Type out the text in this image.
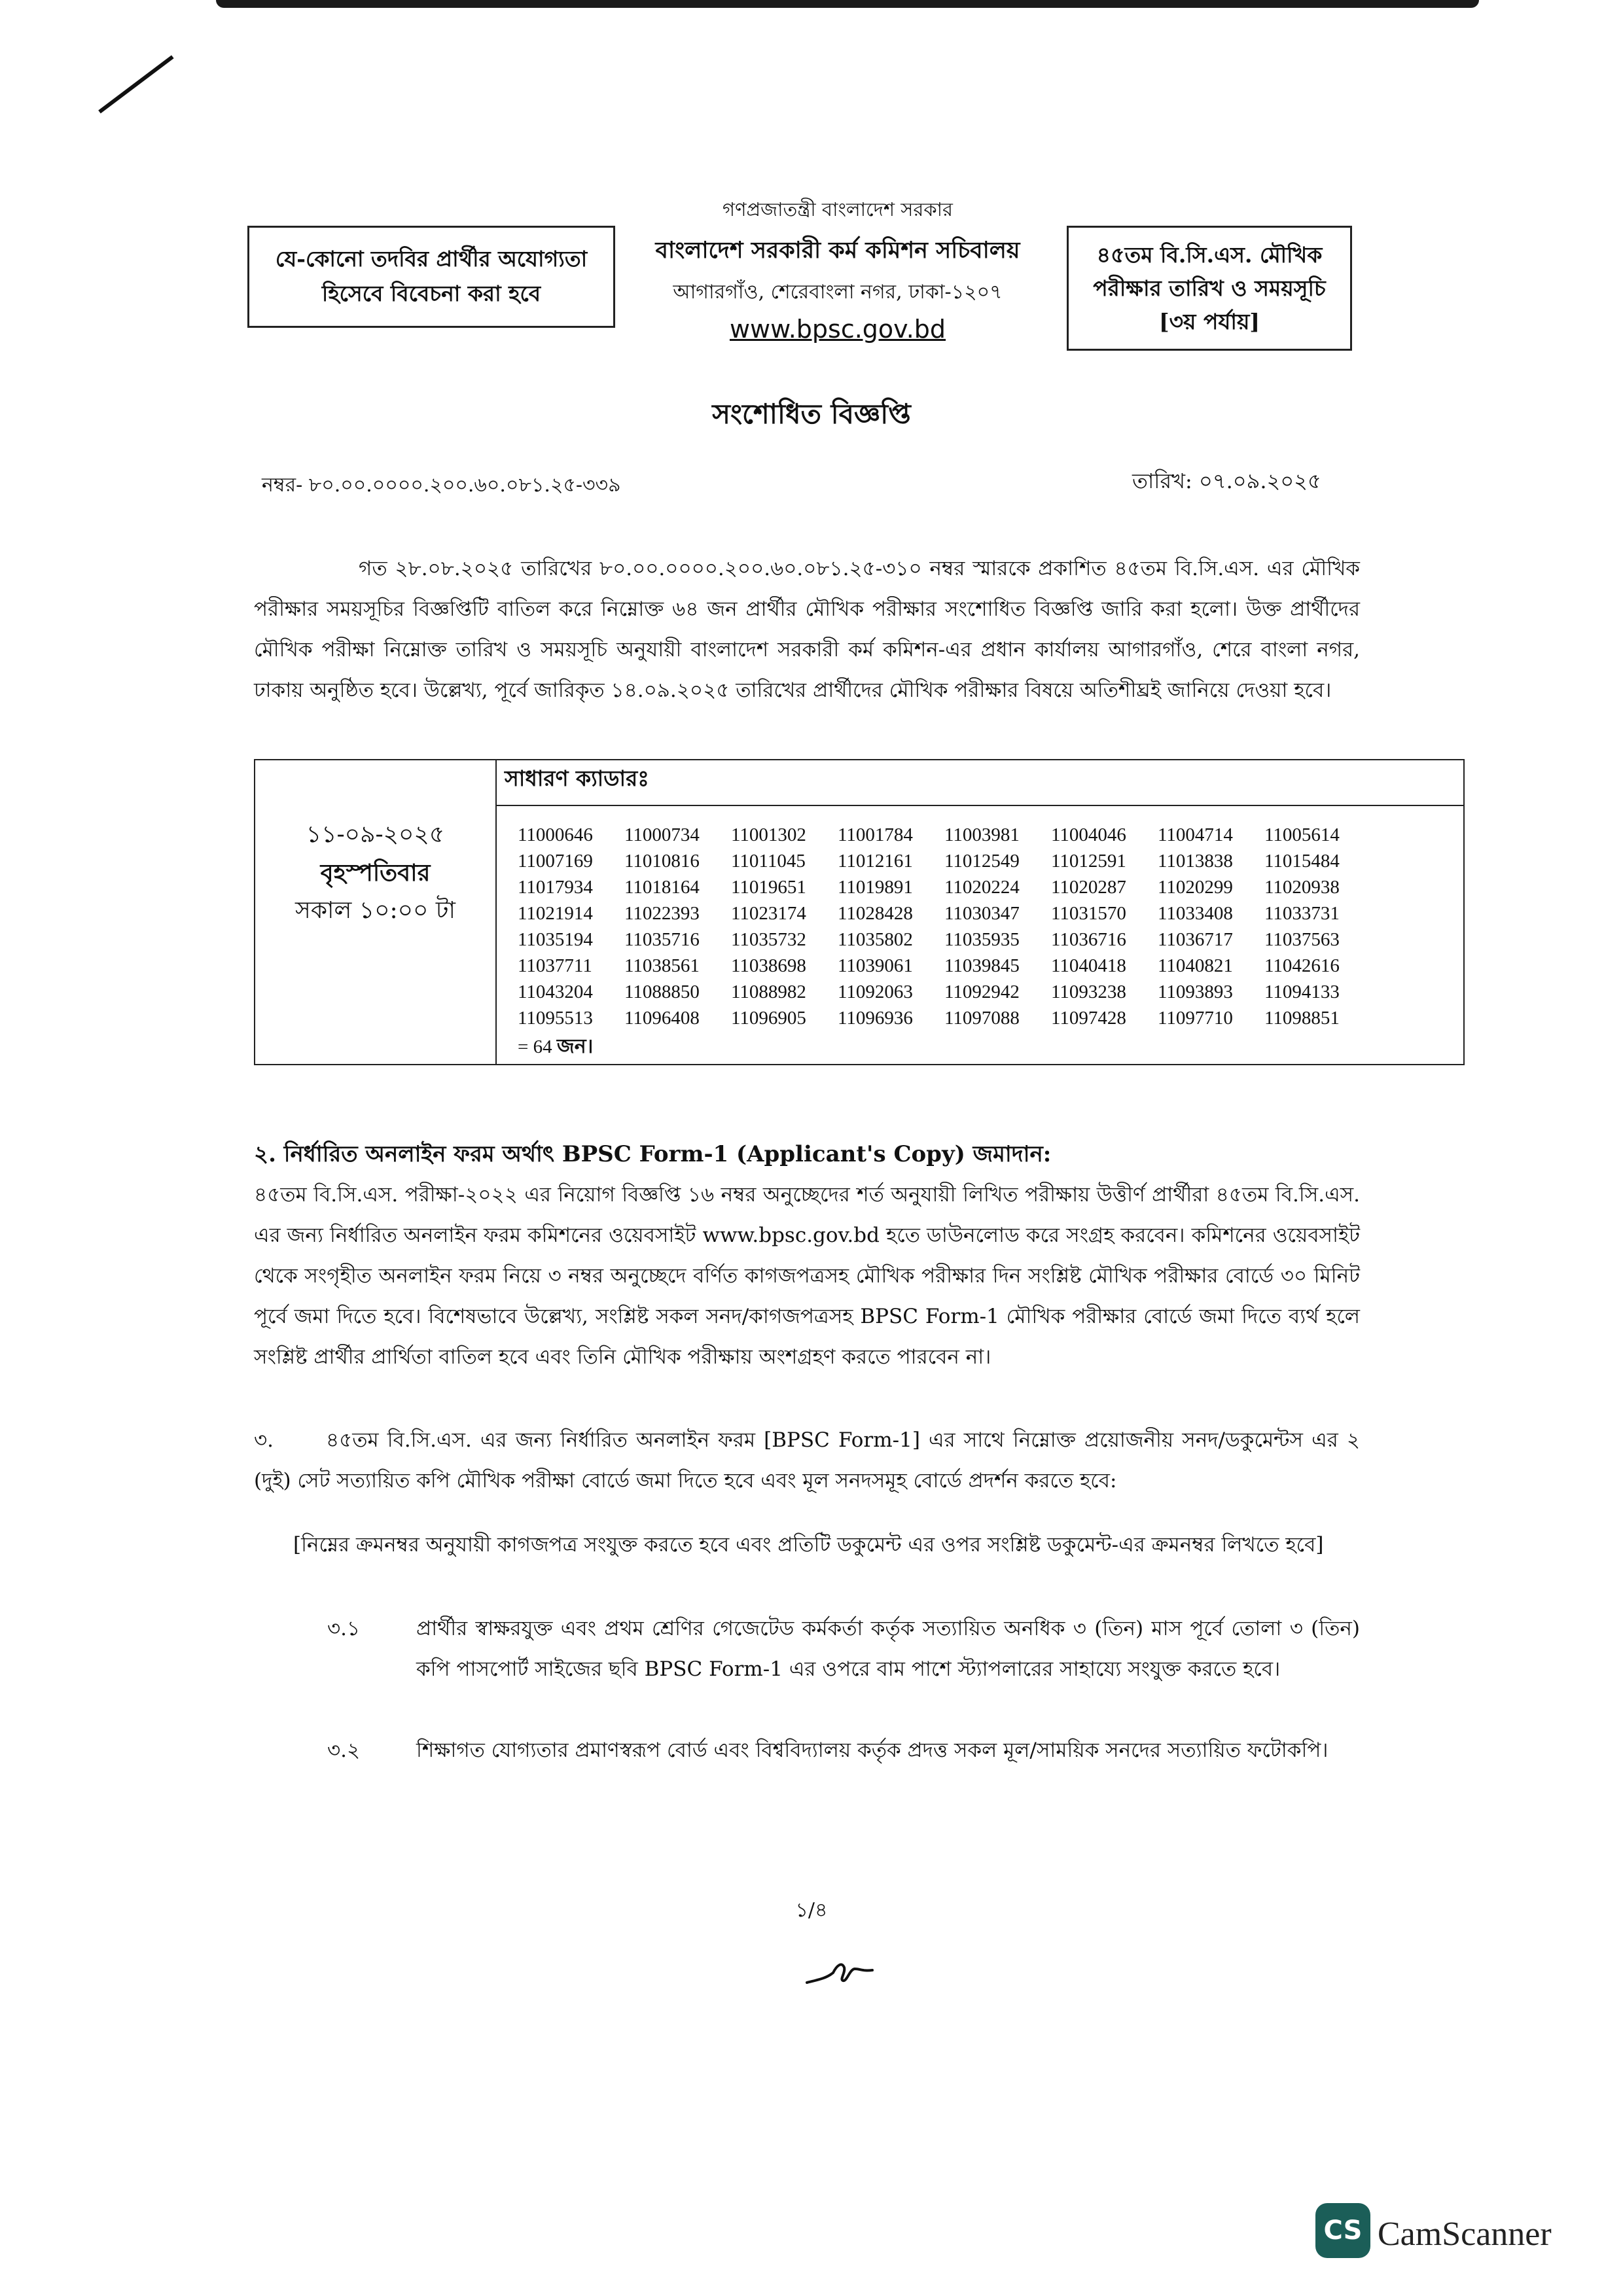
যে-কোনো তদবির প্রার্থীর অযোগ্যতা
হিসেবে বিবেচনা করা হবে
গণপ্রজাতন্ত্রী বাংলাদেশ সরকার
বাংলাদেশ সরকারী কর্ম কমিশন সচিবালয়
আগারগাঁও, শেরেবাংলা নগর, ঢাকা-১২০৭
www.bpsc.gov.bd
৪৫তম বি.সি.এস. মৌখিক
পরীক্ষার তারিখ ও সময়সূচি
[৩য় পর্যায়]
সংশোধিত বিজ্ঞপ্তি
নম্বর- ৮০.০০.০০০০.২০০.৬০.০৮১.২৫-৩৩৯	তারিখ: ০৭.০৯.২০২৫
গত ২৮.০৮.২০২৫ তারিখের ৮০.০০.০০০০.২০০.৬০.০৮১.২৫-৩১০ নম্বর স্মারকে প্রকাশিত ৪৫তম বি.সি.এস. এর মৌখিক পরীক্ষার সময়সূচির বিজ্ঞপ্তিটি বাতিল করে নিম্নোক্ত ৬৪ জন প্রার্থীর মৌখিক পরীক্ষার সংশোধিত বিজ্ঞপ্তি জারি করা হলো। উক্ত প্রার্থীদের মৌখিক পরীক্ষা নিম্নোক্ত তারিখ ও সময়সূচি অনুযায়ী বাংলাদেশ সরকারী কর্ম কমিশন-এর প্রধান কার্যালয় আগারগাঁও, শেরে বাংলা নগর, ঢাকায় অনুষ্ঠিত হবে। উল্লেখ্য, পূর্বে জারিকৃত ১৪.০৯.২০২৫ তারিখের প্রার্থীদের মৌখিক পরীক্ষার বিষয়ে অতিশীঘ্রই জানিয়ে দেওয়া হবে।
১১-০৯-২০২৫
বৃহস্পতিবার
সকাল ১০:০০ টা

সাধারণ ক্যাডারঃ
11000646 11000734 11001302 11001784 11003981 11004046 11004714 11005614
11007169 11010816 11011045 11012161 11012549 11012591 11013838 11015484
11017934 11018164 11019651 11019891 11020224 11020287 11020299 11020938
11021914 11022393 11023174 11028428 11030347 11031570 11033408 11033731
11035194 11035716 11035732 11035802 11035935 11036716 11036717 11037563
11037711 11038561 11038698 11039061 11039845 11040418 11040821 11042616
11043204 11088850 11088982 11092063 11092942 11093238 11093893 11094133
11095513 11096408 11096905 11096936 11097088 11097428 11097710 11098851
= 64 জন।
২. নির্ধারিত অনলাইন ফরম অর্থাৎ BPSC Form-1 (Applicant's Copy) জমাদান:
৪৫তম বি.সি.এস. পরীক্ষা-২০২২ এর নিয়োগ বিজ্ঞপ্তি ১৬ নম্বর অনুচ্ছেদের শর্ত অনুযায়ী লিখিত পরীক্ষায় উত্তীর্ণ প্রার্থীরা ৪৫তম বি.সি.এস. এর জন্য নির্ধারিত অনলাইন ফরম কমিশনের ওয়েবসাইট www.bpsc.gov.bd হতে ডাউনলোড করে সংগ্রহ করবেন। কমিশনের ওয়েবসাইট থেকে সংগৃহীত অনলাইন ফরম নিয়ে ৩ নম্বর অনুচ্ছেদে বর্ণিত কাগজপত্রসহ মৌখিক পরীক্ষার দিন সংশ্লিষ্ট মৌখিক পরীক্ষার বোর্ডে ৩০ মিনিট পূর্বে জমা দিতে হবে। বিশেষভাবে উল্লেখ্য, সংশ্লিষ্ট সকল সনদ/কাগজপত্রসহ BPSC Form-1 মৌখিক পরীক্ষার বোর্ডে জমা দিতে ব্যর্থ হলে সংশ্লিষ্ট প্রার্থীর প্রার্থিতা বাতিল হবে এবং তিনি মৌখিক পরীক্ষায় অংশগ্রহণ করতে পারবেন না।
৩.	৪৫তম বি.সি.এস. এর জন্য নির্ধারিত অনলাইন ফরম [BPSC Form-1] এর সাথে নিম্নোক্ত প্রয়োজনীয় সনদ/ডকুমেন্টস এর ২ (দুই) সেট সত্যায়িত কপি মৌখিক পরীক্ষা বোর্ডে জমা দিতে হবে এবং মূল সনদসমূহ বোর্ডে প্রদর্শন করতে হবে:
[নিম্নের ক্রমনম্বর অনুযায়ী কাগজপত্র সংযুক্ত করতে হবে এবং প্রতিটি ডকুমেন্ট এর ওপর সংশ্লিষ্ট ডকুমেন্ট-এর ক্রমনম্বর লিখতে হবে]
৩.১	প্রার্থীর স্বাক্ষরযুক্ত এবং প্রথম শ্রেণির গেজেটেড কর্মকর্তা কর্তৃক সত্যায়িত অনধিক ৩ (তিন) মাস পূর্বে তোলা ৩ (তিন) কপি পাসপোর্ট সাইজের ছবি BPSC Form-1 এর ওপরে বাম পাশে স্ট্যাপলারের সাহায্যে সংযুক্ত করতে হবে।
৩.২	শিক্ষাগত যোগ্যতার প্রমাণস্বরূপ বোর্ড এবং বিশ্ববিদ্যালয় কর্তৃক প্রদত্ত সকল মূল/সাময়িক সনদের সত্যায়িত ফটোকপি।
১/৪
CS CamScanner
